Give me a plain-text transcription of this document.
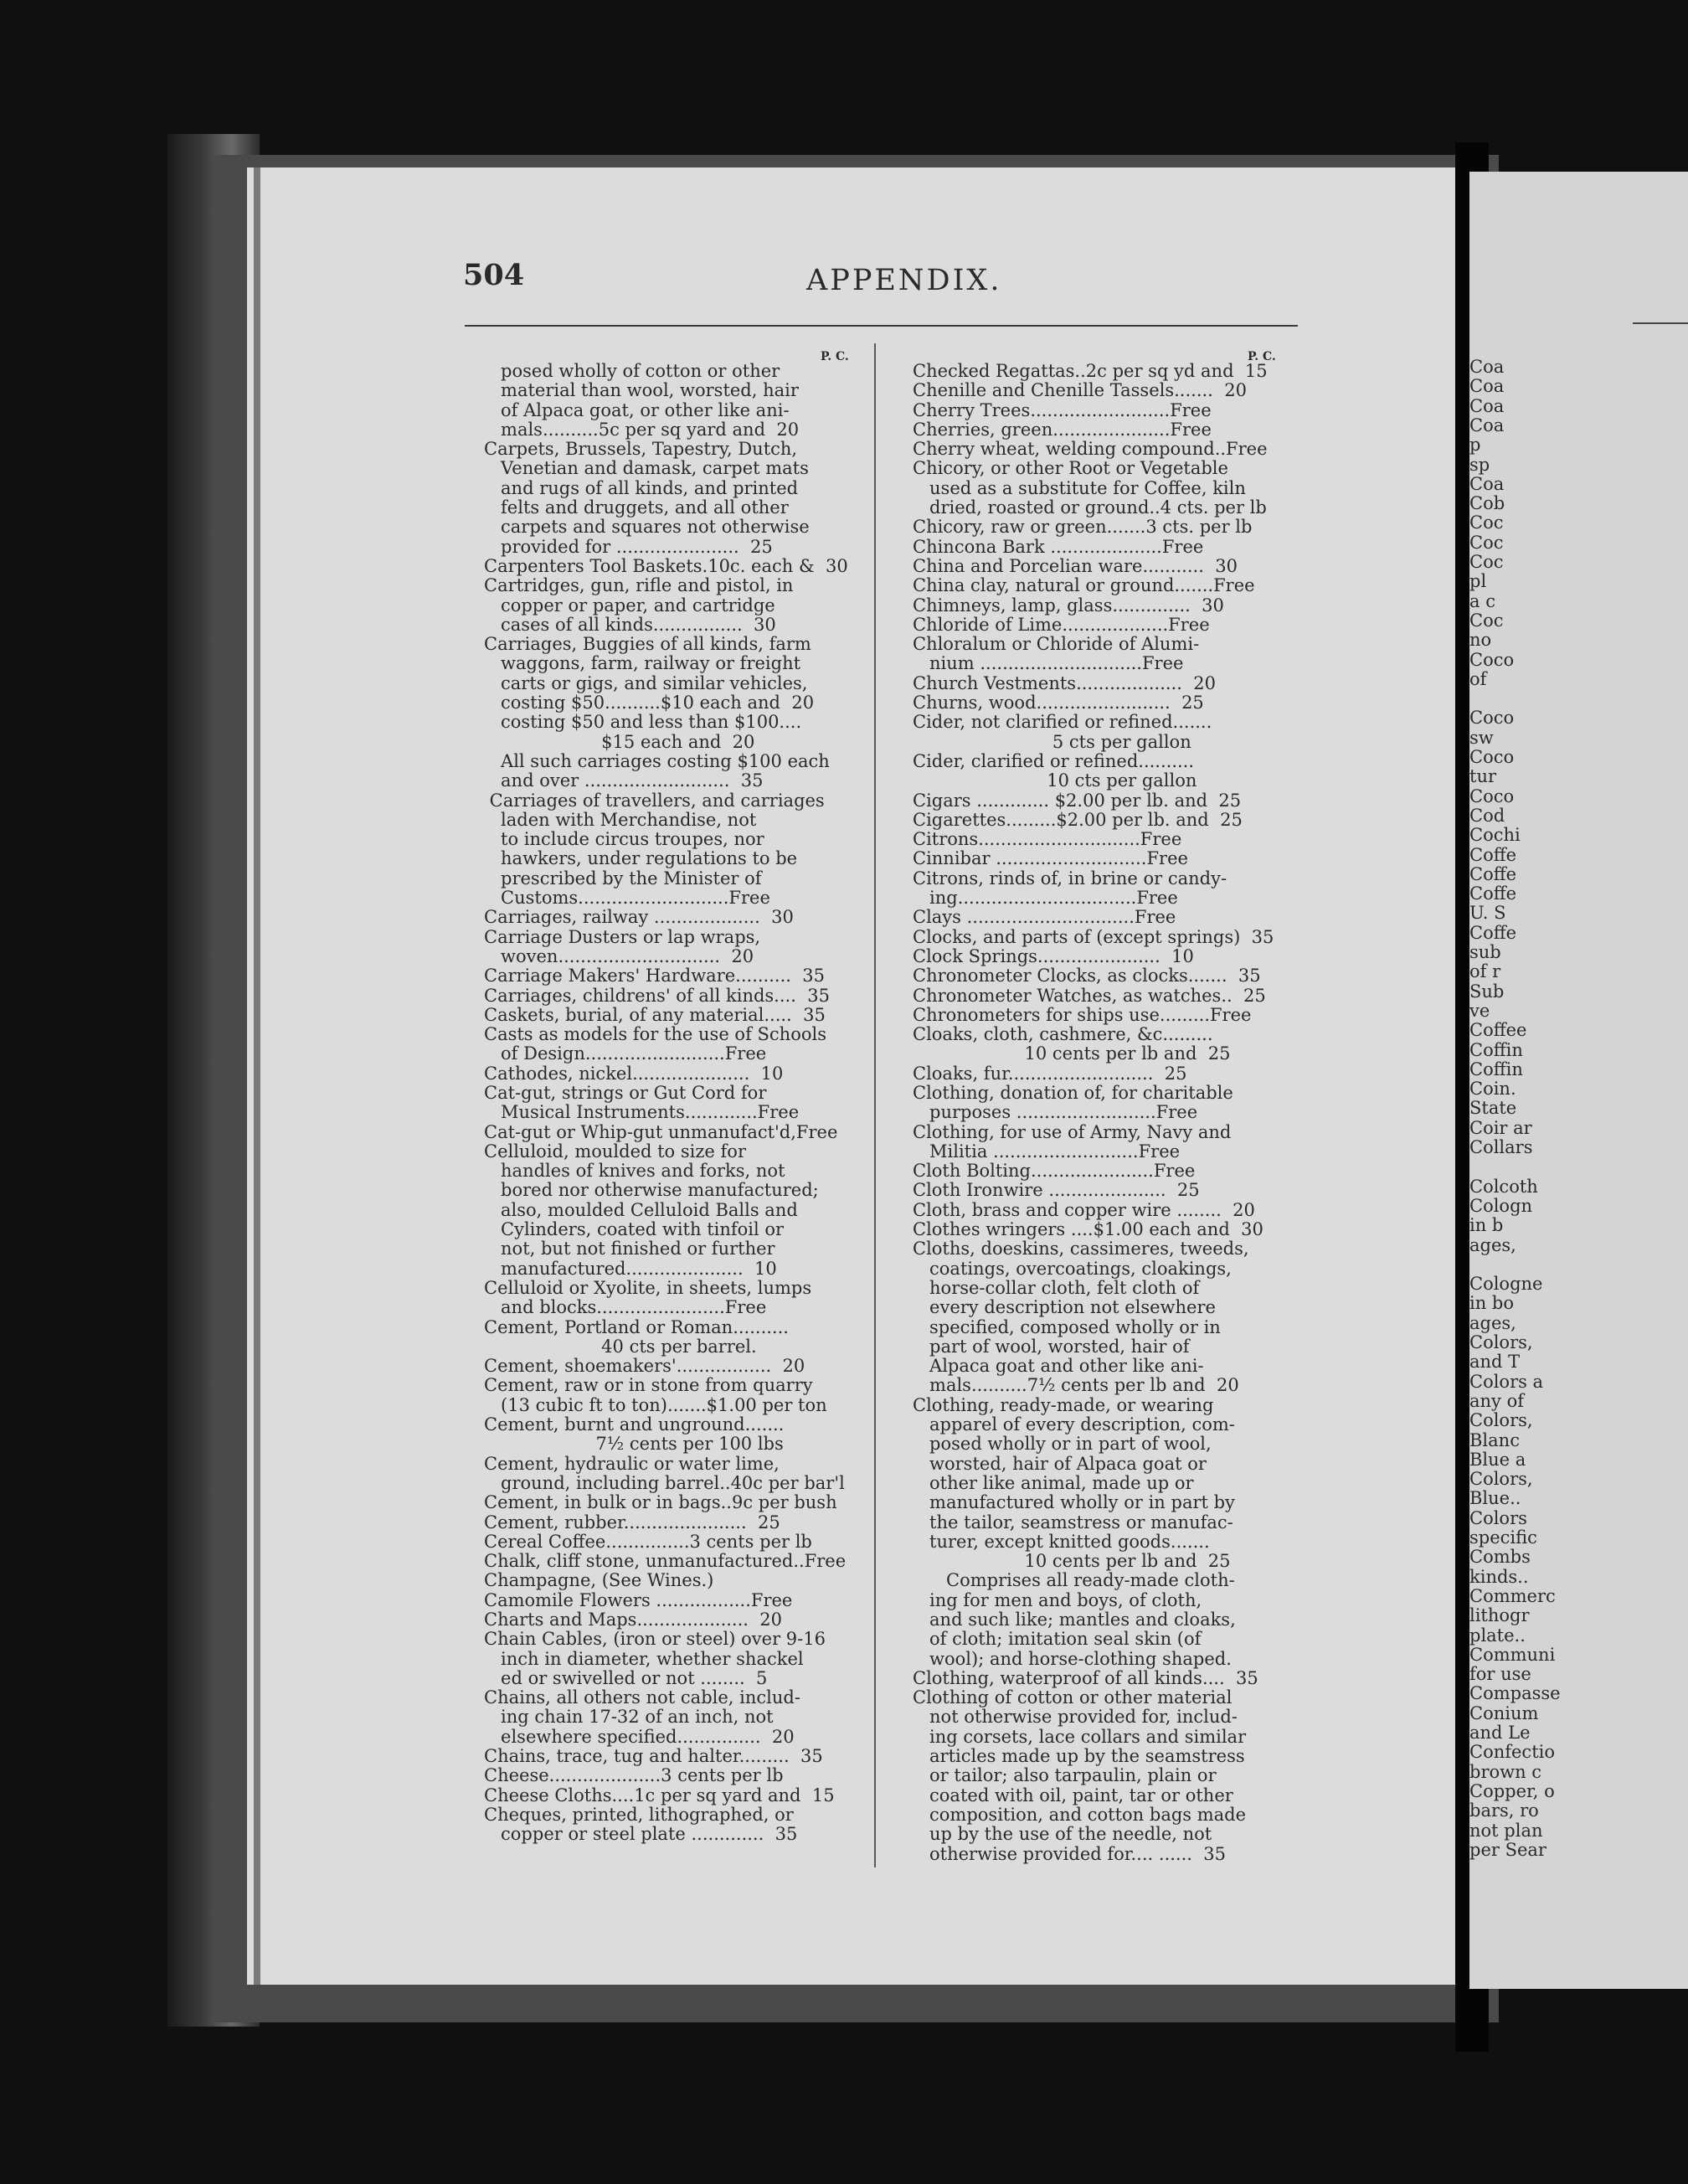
504	APPENDIX.
P. C.	P. C.
posed wholly of cotton or other
material than wool, worsted, hair
of Alpaca goat, or other like ani-
mals..........5c per sq yard and  20
Carpets, Brussels, Tapestry, Dutch,
Venetian and damask, carpet mats
and rugs of all kinds, and printed
felts and druggets, and all other
carpets and squares not otherwise
provided for ......................  25
Carpenters Tool Baskets.10c. each &  30
Cartridges, gun, rifle and pistol, in
copper or paper, and cartridge
cases of all kinds................  30
Carriages, Buggies of all kinds, farm
waggons, farm, railway or freight
carts or gigs, and similar vehicles,
costing $50..........$10 each and  20
costing $50 and less than $100....
$15 each and  20
All such carriages costing $100 each
and over ..........................  35
Carriages of travellers, and carriages
laden with Merchandise, not
to include circus troupes, nor
hawkers, under regulations to be
prescribed by the Minister of
Customs...........................Free
Carriages, railway ...................  30
Carriage Dusters or lap wraps,
woven.............................  20
Carriage Makers' Hardware..........  35
Carriages, childrens' of all kinds....  35
Caskets, burial, of any material.....  35
Casts as models for the use of Schools
of Design.........................Free
Cathodes, nickel.....................  10
Cat-gut, strings or Gut Cord for
Musical Instruments.............Free
Cat-gut or Whip-gut unmanufact'd,Free
Celluloid, moulded to size for
handles of knives and forks, not
bored nor otherwise manufactured;
also, moulded Celluloid Balls and
Cylinders, coated with tinfoil or
not, but not finished or further
manufactured.....................  10
Celluloid or Xyolite, in sheets, lumps
and blocks.......................Free
Cement, Portland or Roman..........
40 cts per barrel.
Cement, shoemakers'.................  20
Cement, raw or in stone from quarry
(13 cubic ft to ton).......$1.00 per ton
Cement, burnt and unground.......
7½ cents per 100 lbs
Cement, hydraulic or water lime,
ground, including barrel..40c per bar'l
Cement, in bulk or in bags..9c per bush
Cement, rubber......................  25
Cereal Coffee...............3 cents per lb
Chalk, cliff stone, unmanufactured..Free
Champagne, (See Wines.)
Camomile Flowers .................Free
Charts and Maps....................  20
Chain Cables, (iron or steel) over 9-16
inch in diameter, whether shackel
ed or swivelled or not ........  5
Chains, all others not cable, includ-
ing chain 17-32 of an inch, not
elsewhere specified...............  20
Chains, trace, tug and halter.........  35
Cheese....................3 cents per lb
Cheese Cloths....1c per sq yard and  15
Cheques, printed, lithographed, or
copper or steel plate .............  35
Checked Regattas..2c per sq yd and  15
Chenille and Chenille Tassels.......  20
Cherry Trees.........................Free
Cherries, green.....................Free
Cherry wheat, welding compound..Free
Chicory, or other Root or Vegetable
used as a substitute for Coffee, kiln
dried, roasted or ground..4 cts. per lb
Chicory, raw or green.......3 cts. per lb
Chincona Bark ....................Free
China and Porcelian ware...........  30
China clay, natural or ground.......Free
Chimneys, lamp, glass..............  30
Chloride of Lime...................Free
Chloralum or Chloride of Alumi-
nium .............................Free
Church Vestments...................  20
Churns, wood........................  25
Cider, not clarified or refined.......
5 cts per gallon
Cider, clarified or refined..........
10 cts per gallon
Cigars ............. $2.00 per lb. and  25
Cigarettes.........$2.00 per lb. and  25
Citrons.............................Free
Cinnibar ...........................Free
Citrons, rinds of, in brine or candy-
ing................................Free
Clays ..............................Free
Clocks, and parts of (except springs)  35
Clock Springs......................  10
Chronometer Clocks, as clocks.......  35
Chronometer Watches, as watches..  25
Chronometers for ships use.........Free
Cloaks, cloth, cashmere, &c.........
10 cents per lb and  25
Cloaks, fur..........................  25
Clothing, donation of, for charitable
purposes .........................Free
Clothing, for use of Army, Navy and
Militia ..........................Free
Cloth Bolting......................Free
Cloth Ironwire .....................  25
Cloth, brass and copper wire ........  20
Clothes wringers ....$1.00 each and  30
Cloths, doeskins, cassimeres, tweeds,
coatings, overcoatings, cloakings,
horse-collar cloth, felt cloth of
every description not elsewhere
specified, composed wholly or in
part of wool, worsted, hair of
Alpaca goat and other like ani-
mals..........7½ cents per lb and  20
Clothing, ready-made, or wearing
apparel of every description, com-
posed wholly or in part of wool,
worsted, hair of Alpaca goat or
other like animal, made up or
manufactured wholly or in part by
the tailor, seamstress or manufac-
turer, except knitted goods.......
10 cents per lb and  25
Comprises all ready-made cloth-
ing for men and boys, of cloth,
and such like; mantles and cloaks,
of cloth; imitation seal skin (of
wool); and horse-clothing shaped.
Clothing, waterproof of all kinds....  35
Clothing of cotton or other material
not otherwise provided for, includ-
ing corsets, lace collars and similar
articles made up by the seamstress
or tailor; also tarpaulin, plain or
coated with oil, paint, tar or other
composition, and cotton bags made
up by the use of the needle, not
otherwise provided for.... ......  35
Coa
Coa
Coa
Coa
p
sp
Coa
Cob
Coc
Coc
Coc
pl
a c
Coc
no
Coco
of
Coco
sw
Coco
tur
Coco
Cod
Cochi
Coffe
Coffe
Coffe
U. S
Coffe
sub
of r
Sub
ve
Coffee
Coffin
Coffin
Coin.
State
Coir ar
Collars
Colcoth
Cologn
in b
ages,
Cologne
in bo
ages,
Colors,
and T
Colors a
any of
Colors,
Blanc
Blue a
Colors,
Blue..
Colors
specific
Combs
kinds..
Commerc
lithogr
plate..
Communi
for use
Compasse
Conium
and Le
Confectio
brown c
Copper, o
bars, ro
not plan
per Sear
